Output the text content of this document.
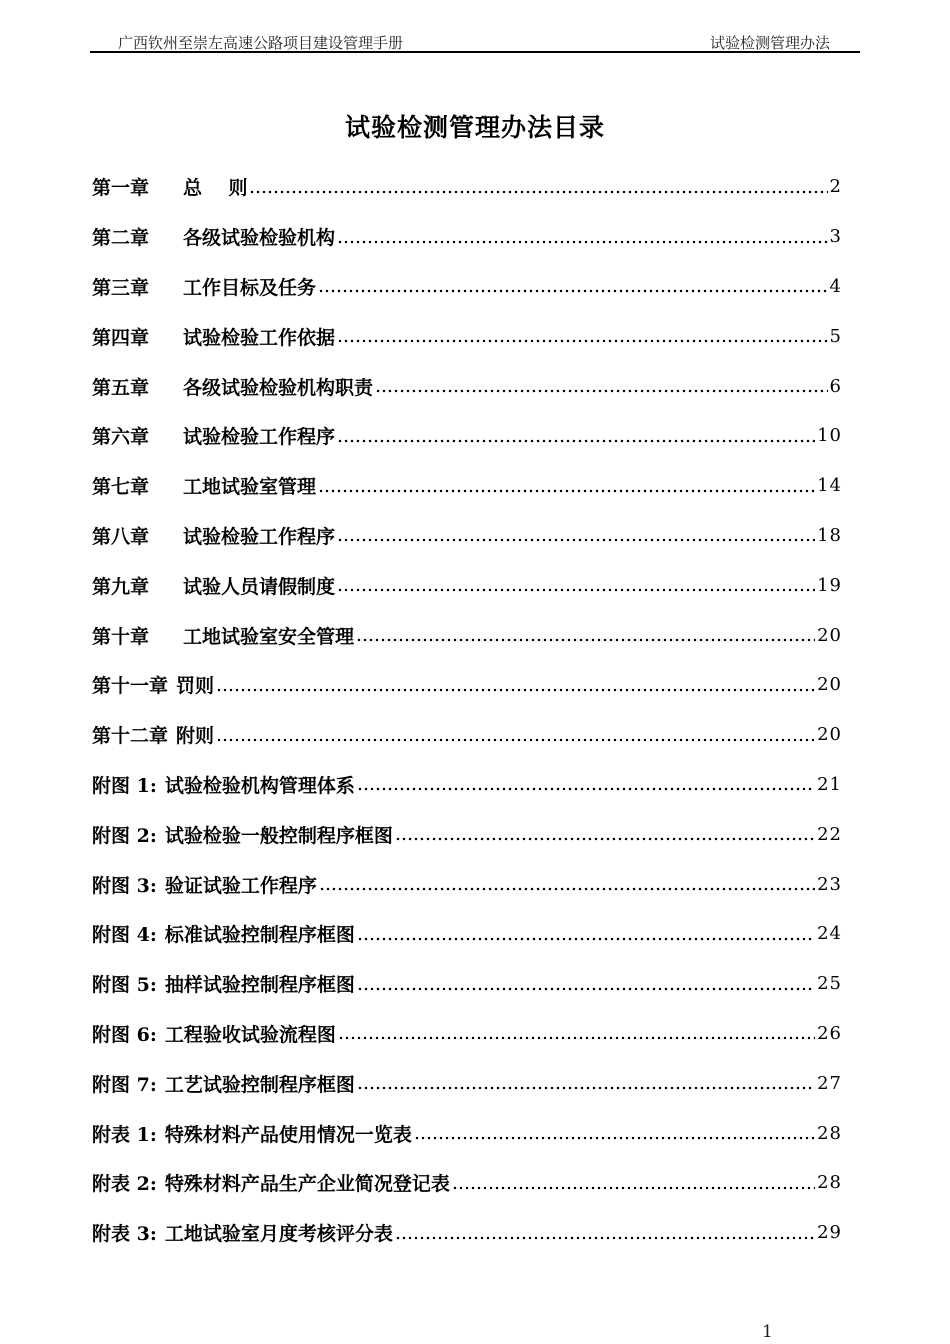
广西钦州至崇左高速公路项目建设管理手册	试验检测管理办法
试验检测管理办法目录
第一章 总    则	2
第二章 各级试验检验机构	3
第三章 工作目标及任务	4
第四章 试验检验工作依据	5
第五章 各级试验检验机构职责	6
第六章 试验检验工作程序	10
第七章 工地试验室管理	14
第八章 试验检验工作程序	18
第九章 试验人员请假制度	19
第十章 工地试验室安全管理	20
第十一章 罚则	20
第十二章 附则	20
附图 1: 试验检验机构管理体系	21
附图 2: 试验检验一般控制程序框图	22
附图 3: 验证试验工作程序	23
附图 4: 标准试验控制程序框图	24
附图 5: 抽样试验控制程序框图	25
附图 6: 工程验收试验流程图	26
附图 7: 工艺试验控制程序框图	27
附表 1: 特殊材料产品使用情况一览表	28
附表 2: 特殊材料产品生产企业简况登记表	28
附表 3: 工地试验室月度考核评分表	29
1
